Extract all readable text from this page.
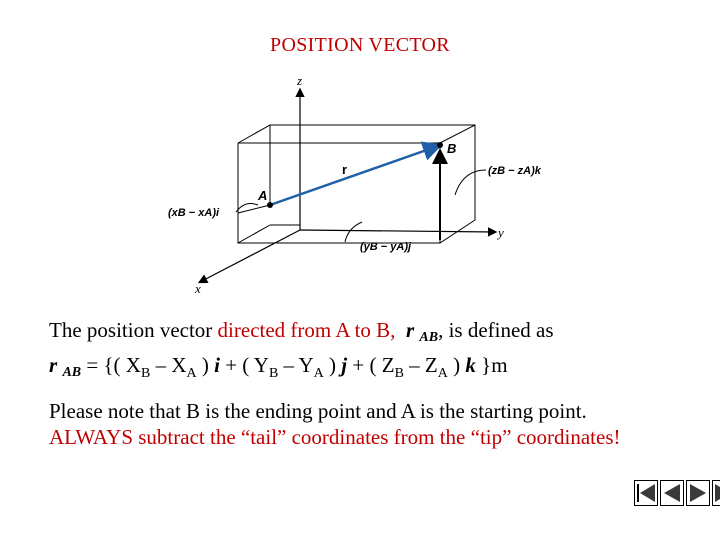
POSITION VECTOR
z
y
x
A
B
r	(zB − zA)k
(xB − xA)i
(yB − yA)j
The position vector directed from A to B, r AB, is defined as
r AB = {( $X_B - X_A$ ) i + ( $Y_B - Y_A$ ) j + ( $Z_B - Z_A$ ) k }m
Please note that B is the ending point and A is the starting point.
ALWAYS subtract the “tail” coordinates from the “tip” coordinates!
